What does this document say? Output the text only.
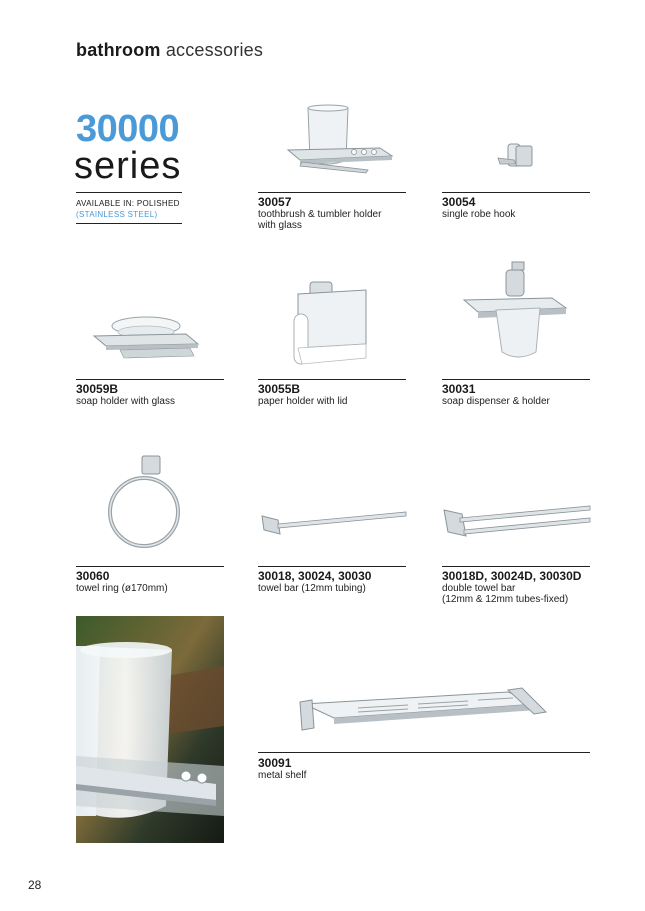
bathroom accessories
30000
series
AVAILABLE IN: POLISHED
(STAINLESS STEEL)
30057
toothbrush & tumbler holder
with glass
30054
single robe hook
30059B
soap holder with glass
30055B
paper holder with lid
30031
soap dispenser & holder
30060
towel ring (ø170mm)
30018, 30024, 30030
towel bar (12mm tubing)
30018D, 30024D, 30030D
double towel bar
(12mm & 12mm tubes-fixed)
30091
metal shelf
28
